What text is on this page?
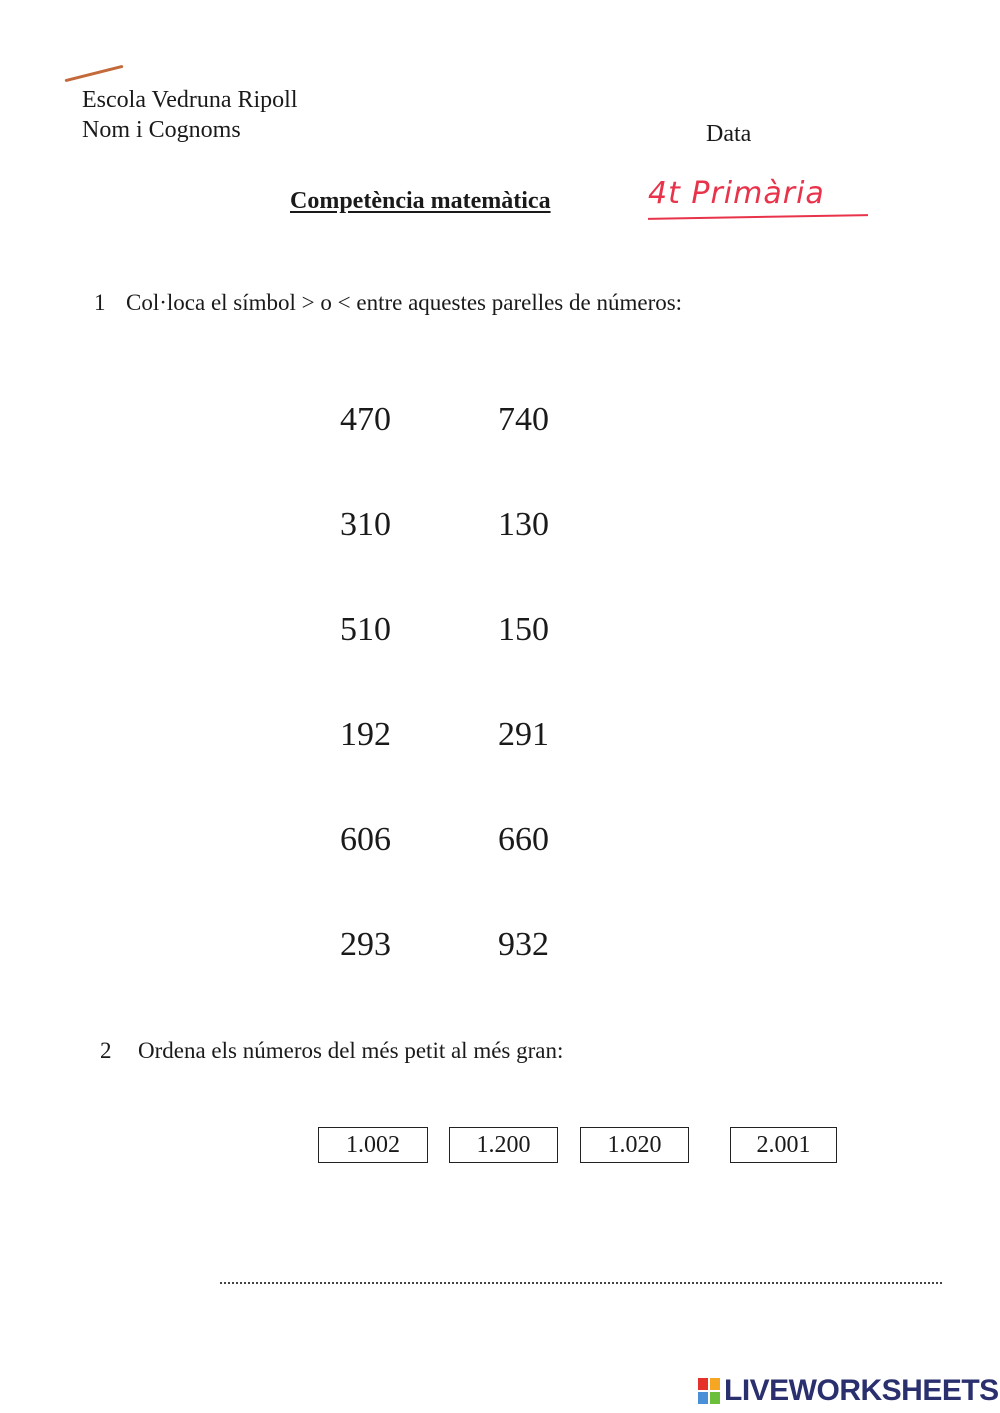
Escola Vedruna Ripoll
Nom i Cognoms	Data
Competència matemàtica	4t Primària
1 Col·loca el símbol > o < entre aquestes parelles de números:
470	740
310	130
510	150
192	291
606	660
293	932
2 Ordena els números del més petit al més gran:
1.002	1.200	1.020	2.001
LIVEWORKSHEETS
